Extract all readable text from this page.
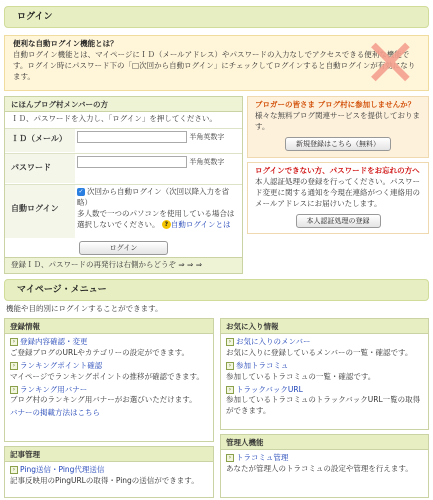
ログイン
便利な自動ログイン機能とは？
自動ログイン機能とは、マイページにＩＤ（メールアドレス）やパスワードの入力なしでアクセスできる便利な機能です。ログイン時にパスワード下の「□次回から自動ログイン」にチェックしてログインすると自動ログインが有効になります。	✕
にほんブログ村メンバーの方
ＩＤ、パスワードを入力し、「ログイン」を押してください。
ＩＤ（メール）	半角英数字
パスワード
半角英数字
自動ログイン
✓ 次回から自動ログイン（次回以降入力を省略）
多人数で一つのパソコンを使用している場合は選択しないでください。 ? 自動ログインとは
ログイン
登録ＩＤ、パスワードの再発行は右側からどうぞ ⇒ ⇒ ⇒
ブロガーの皆さま ブログ村に参加しませんか？
様々な無料ブログ関連サービスを提供しております。
新規登録はこちら（無料）
ログインできない方、パスワードをお忘れの方へ
本人認証処理の登録を行ってください。パスワード変更に関する通知を今現在連絡がつく連絡用のメールアドレスにお届けいたします。
本人認証処理の登録
マイページ・メニュー
機能や目的別にログインすることができます。
登録情報
› 登録内容確認・変更
ご登録ブログのURLやカテゴリーの設定ができます。
› ランキングポイント確認
マイページでランキングポイントの推移が確認できます。
› ランキング用バナー
ブログ村のランキング用バナーがお選びいただけます。
バナーの掲載方法はこちら
記事管理
› Ping送信・Ping代理送信
記事反映用のPingURLの取得・Pingの送信ができます。
お気に入り情報
› お気に入りのメンバー
お気に入りに登録しているメンバーの一覧・確認です。
› 参加トラコミュ
参加しているトラコミュの一覧・確認です。
› トラックバックURL
参加しているトラコミュのトラックバックURL一覧の取得ができます。
管理人機能
› トラコミュ管理
あなたが管理人のトラコミュの設定や管理を行えます。
